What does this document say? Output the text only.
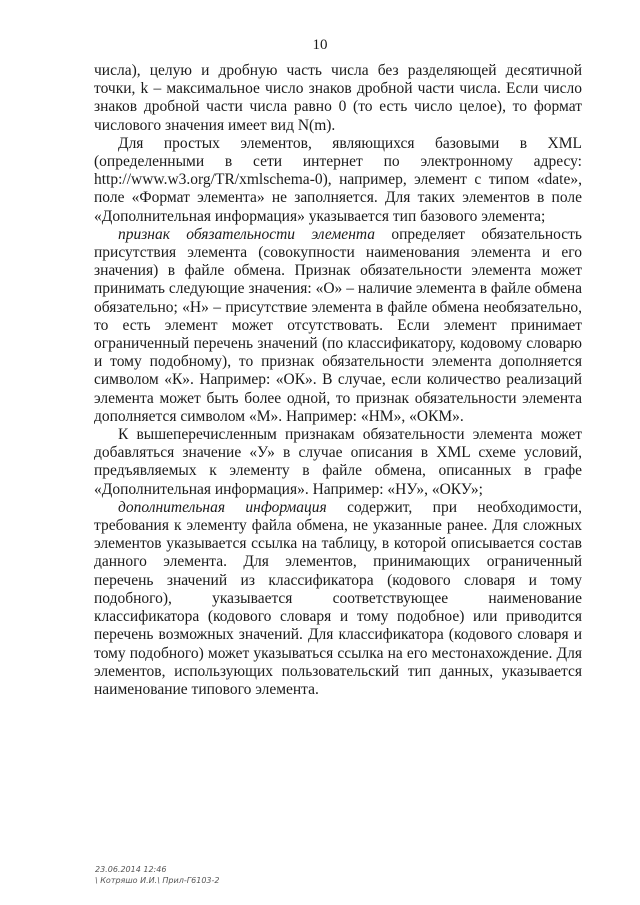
10

числа), целую и дробную часть числа без разделяющей десятичной точки, k – максимальное число знаков дробной части числа. Если число знаков дробной части числа равно 0 (то есть число целое), то формат числового значения имеет вид N(m).

Для простых элементов, являющихся базовыми в XML (определенными в сети интернет по электронному адресу: http://www.w3.org/TR/xmlschema-0), например, элемент с типом «date», поле «Формат элемента» не заполняется. Для таких элементов в поле «Дополнительная информация» указывается тип базового элемента;

признак обязательности элемента определяет обязательность присутствия элемента (совокупности наименования элемента и его значения) в файле обмена. Признак обязательности элемента может принимать следующие значения: «О» – наличие элемента в файле обмена обязательно; «Н» – присутствие элемента в файле обмена необязательно, то есть элемент может отсутствовать. Если элемент принимает ограниченный перечень значений (по классификатору, кодовому словарю и тому подобному), то признак обязательности элемента дополняется символом «К». Например: «ОК». В случае, если количество реализаций элемента может быть более одной, то признак обязательности элемента дополняется символом «М». Например: «НМ», «ОКМ».

К вышеперечисленным признакам обязательности элемента может добавляться значение «У» в случае описания в XML схеме условий, предъявляемых к элементу в файле обмена, описанных в графе «Дополнительная информация». Например: «НУ», «ОКУ»;

дополнительная информация содержит, при необходимости, требования к элементу файла обмена, не указанные ранее. Для сложных элементов указывается ссылка на таблицу, в которой описывается состав данного элемента. Для элементов, принимающих ограниченный перечень значений из классификатора (кодового словаря и тому подобного), указывается соответствующее наименование классификатора (кодового словаря и тому подобное) или приводится перечень возможных значений. Для классификатора (кодового словаря и тому подобного) может указываться ссылка на его местонахождение. Для элементов, использующих пользовательский тип данных, указывается наименование типового элемента.

23.06.2014 12:46
\ Котряшо И.И.\ Прил-Г6103-2
